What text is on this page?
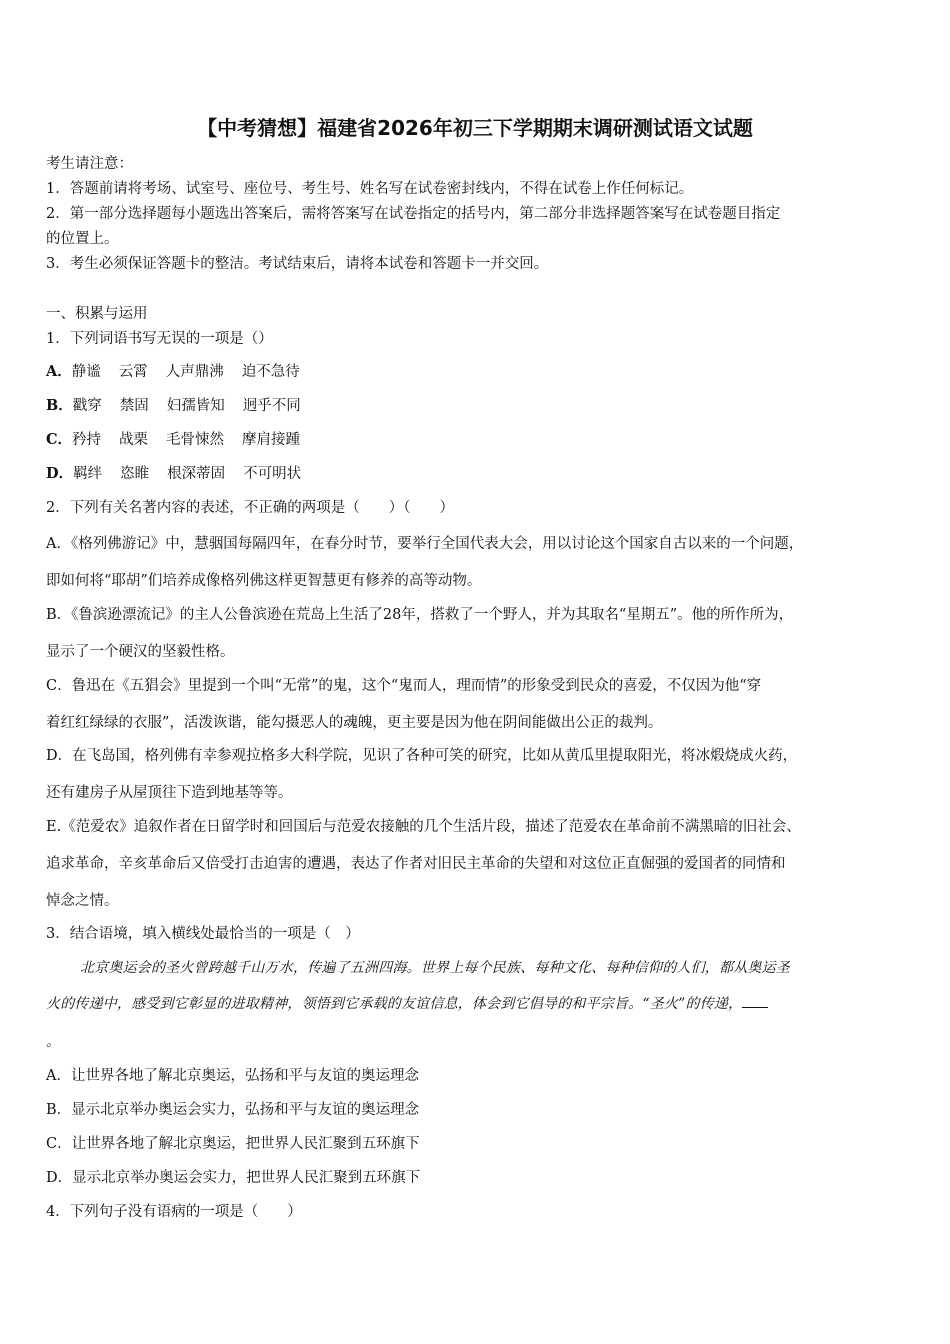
【中考猜想】福建省2026年初三下学期期末调研测试语文试题
考生请注意：
1．答题前请将考场、试室号、座位号、考生号、姓名写在试卷密封线内，不得在试卷上作任何标记。
2．第一部分选择题每小题选出答案后，需将答案写在试卷指定的括号内，第二部分非选择题答案写在试卷题目指定
的位置上。
3．考生必须保证答题卡的整洁。考试结束后，请将本试卷和答题卡一并交回。
一、积累与运用
1．下列词语书写无误的一项是（）
A．静谧 云霄 人声鼎沸 迫不急待
B．戳穿 禁固 妇孺皆知 迥乎不同
C．矜持 战栗 毛骨悚然 摩肩接踵
D．羁绊 恣睢 根深蒂固 不可明状
2．下列有关名著内容的表述，不正确的两项是（　　）（　　）
A．《格列佛游记》中，慧骃国每隔四年，在春分时节，要举行全国代表大会，用以讨论这个国家自古以来的一个问题，
即如何将“耶胡”们培养成像格列佛这样更智慧更有修养的高等动物。
B．《鲁滨逊漂流记》的主人公鲁滨逊在荒岛上生活了28年，搭救了一个野人，并为其取名“星期五”。他的所作所为，
显示了一个硬汉的坚毅性格。
C．鲁迅在《五猖会》里提到一个叫“无常”的鬼，这个“鬼而人，理而情”的形象受到民众的喜爱，不仅因为他“穿
着红红绿绿的衣服”，活泼诙谐，能勾摄恶人的魂魄，更主要是因为他在阴间能做出公正的裁判。
D．在飞岛国，格列佛有幸参观拉格多大科学院，见识了各种可笑的研究，比如从黄瓜里提取阳光，将冰煅烧成火药，
还有建房子从屋顶往下造到地基等等。
E.《范爱农》追叙作者在日留学时和回国后与范爱农接触的几个生活片段，描述了范爱农在革命前不满黑暗的旧社会、
追求革命，辛亥革命后又倍受打击迫害的遭遇，表达了作者对旧民主革命的失望和对这位正直倔强的爱国者的同情和
悼念之情。
3．结合语境，填入横线处最恰当的一项是（　）
北京奥运会的圣火曾跨越千山万水，传遍了五洲四海。世界上每个民族、每种文化、每种信仰的人们，都从奥运圣
火的传递中，感受到它彰显的进取精神，领悟到它承载的友谊信息，体会到它倡导的和平宗旨。“圣火”的传递，
。
A．让世界各地了解北京奥运，弘扬和平与友谊的奥运理念
B．显示北京举办奥运会实力，弘扬和平与友谊的奥运理念
C．让世界各地了解北京奥运，把世界人民汇聚到五环旗下
D．显示北京举办奥运会实力，把世界人民汇聚到五环旗下
4．下列句子没有语病的一项是（　　）
